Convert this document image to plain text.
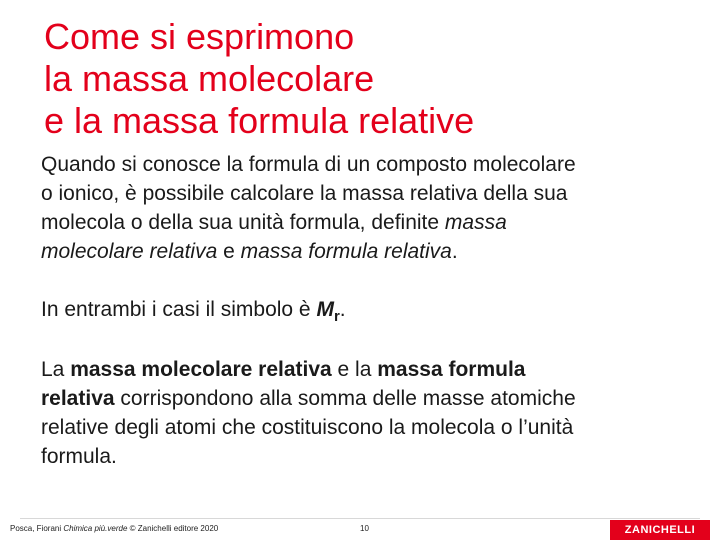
Come si esprimono
la massa molecolare
e la massa formula relative

Quando si conosce la formula di un composto molecolare
o ionico, è possibile calcolare la massa relativa della sua
molecola o della sua unità formula, definite massa
molecolare relativa e massa formula relativa.

In entrambi i casi il simbolo è $M_r$.

La massa molecolare relativa e la massa formula
relativa corrispondono alla somma delle masse atomiche
relative degli atomi che costituiscono la molecola o l’unità
formula.

Posca, Fiorani Chimica più.verde © Zanichelli editore 2020	10	ZANICHELLI
